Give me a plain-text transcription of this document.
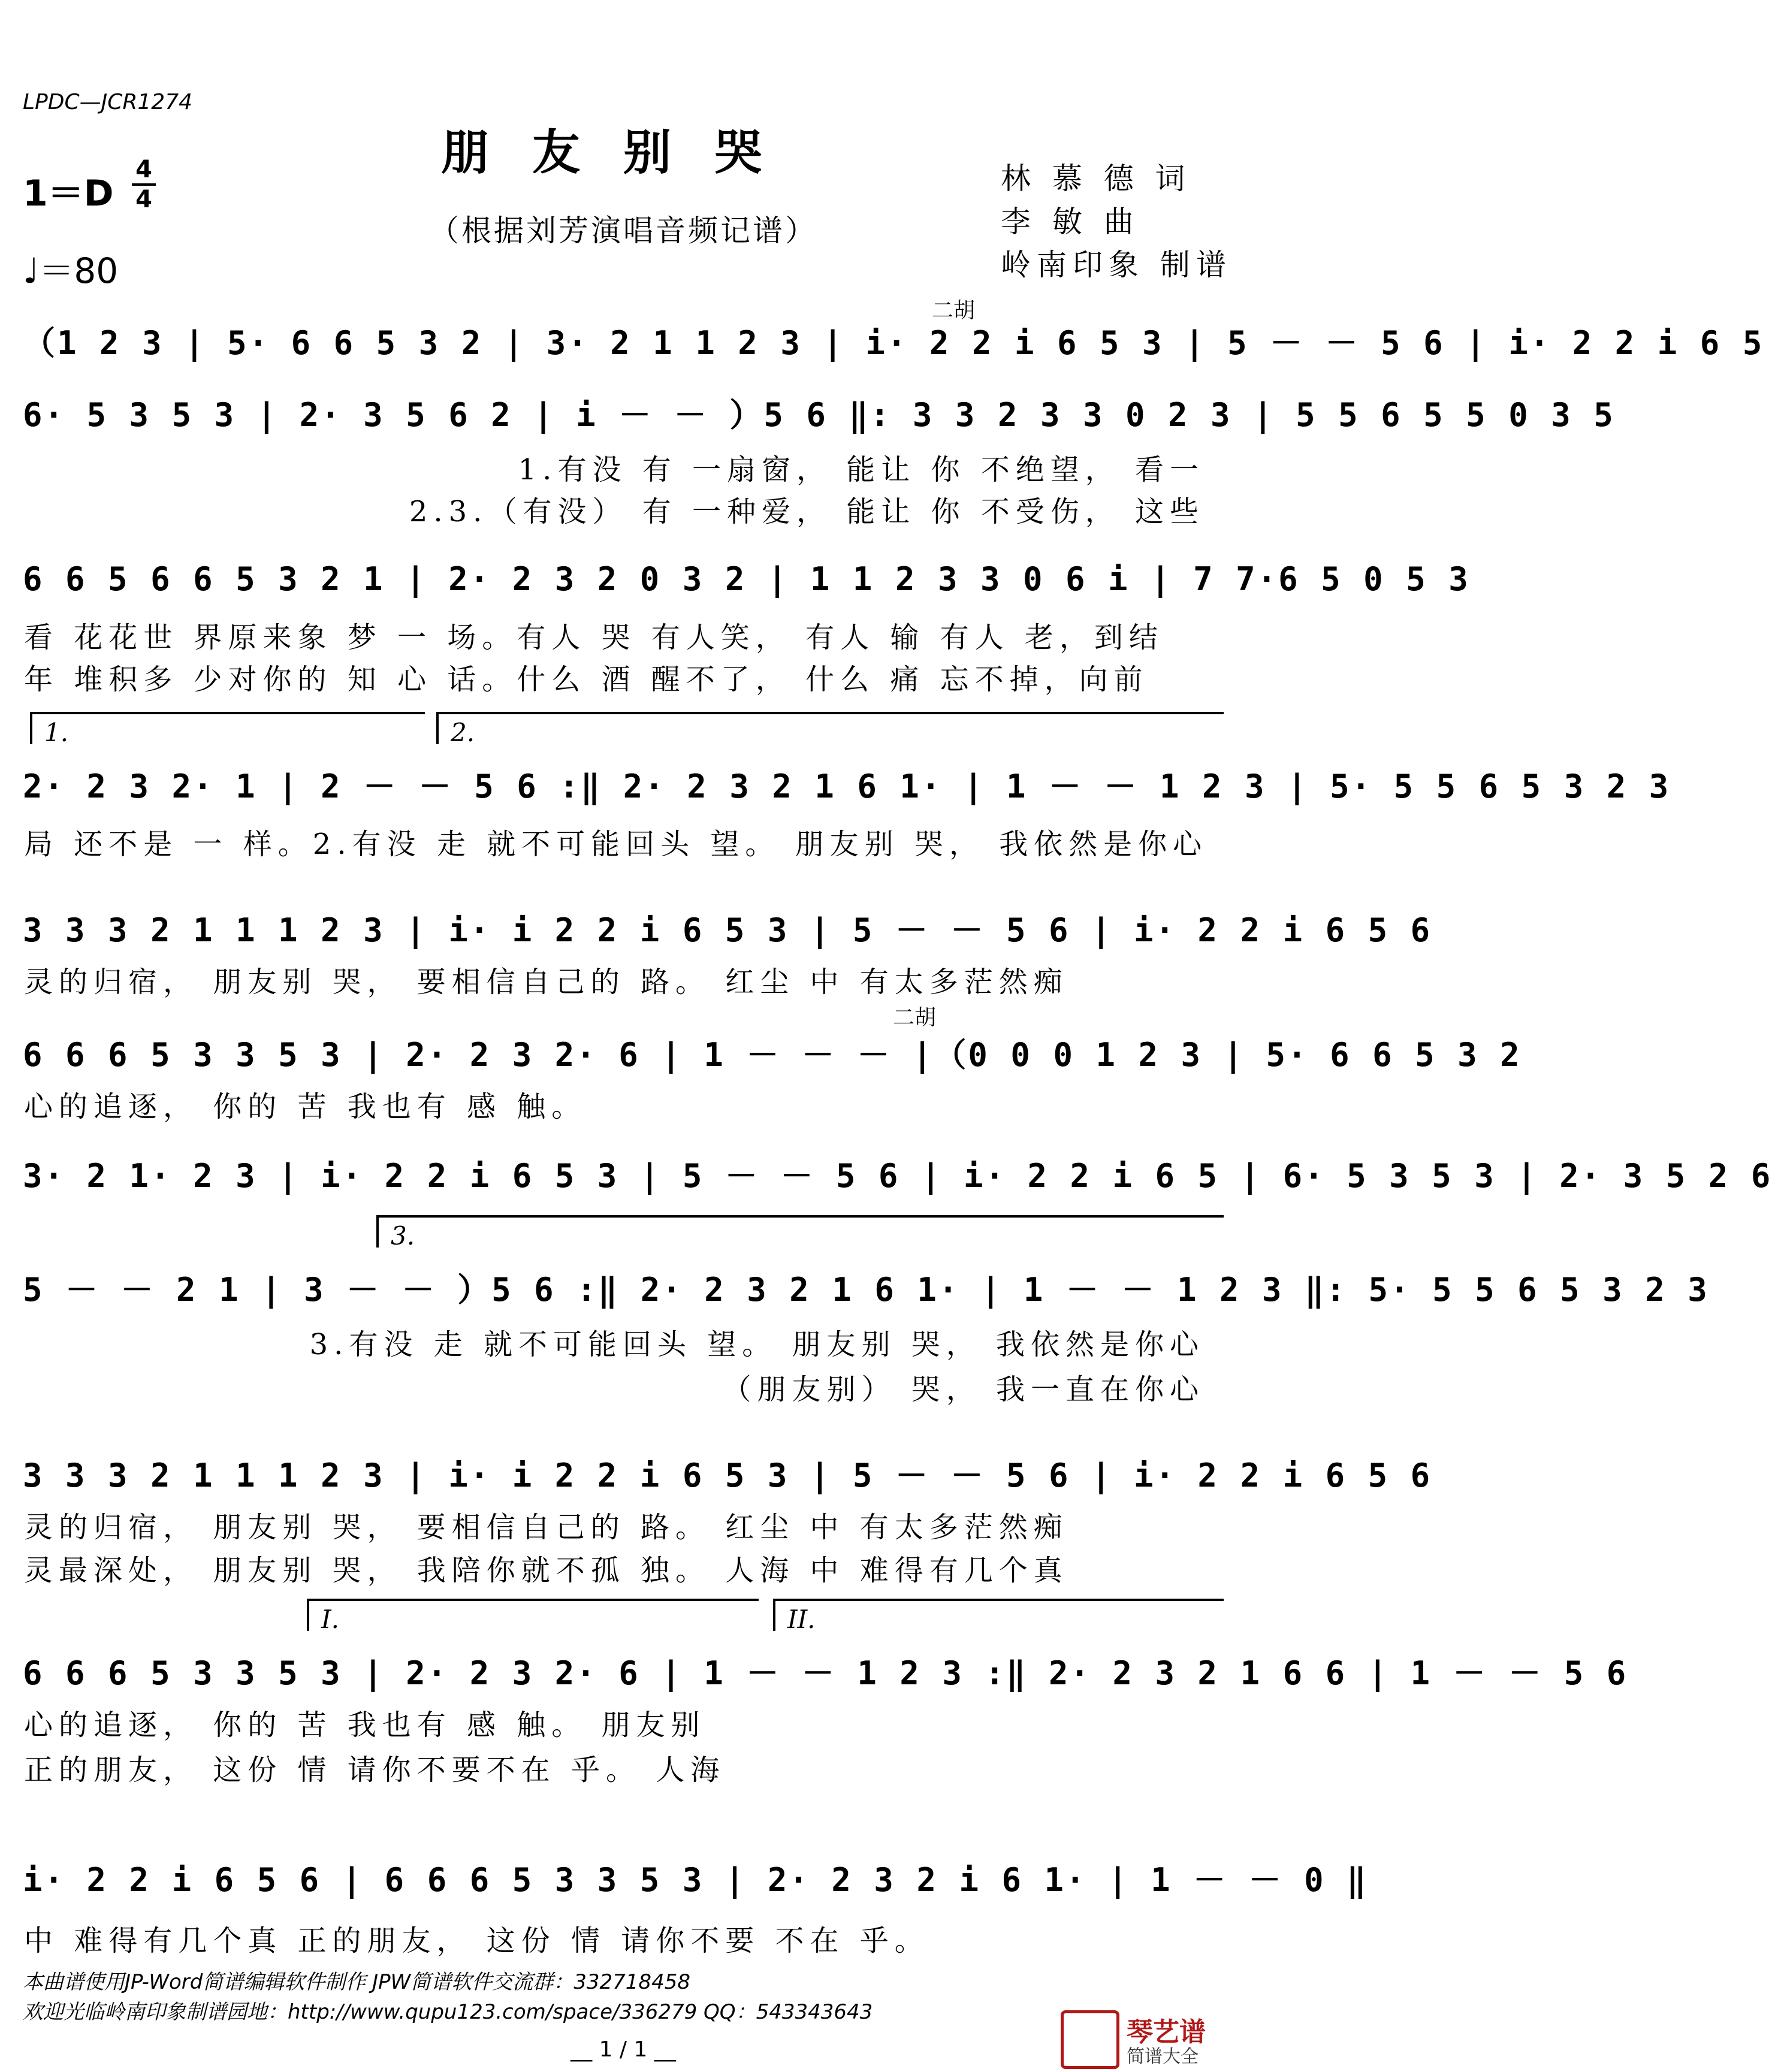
LPDC—JCR1274
朋友别哭
（根据刘芳演唱音频记谱）
1＝D
4
4
♩＝80
林 慕 德 词
李 敏 曲
岭南印象 制谱
二胡
（1 2 3 | 5· 6 6 5 3 2 | 3· 2 1 1 2 3 | i· 2 2 i 6 5 3 | 5 － － 5 6 | i· 2 2 i 6 5
6· 5 3 5 3 | 2· 3 5 6 2 | i － － ）5 6 ‖: 3 3 2 3 3 0 2 3 | 5 5 6 5 5 0 3 5
1.有没 有 一扇窗， 能让 你 不绝望， 看一
2.3.（有没） 有 一种爱， 能让 你 不受伤， 这些
6 6 5 6 6 5 3 2 1 | 2· 2 3 2 0 3 2 | 1 1 2 3 3 0 6 i | 7 7·6 5 0 5 3
看 花花世 界原来象 梦 一 场。有人 哭 有人笑， 有人 输 有人 老，到结
年 堆积多 少对你的 知 心 话。什么 酒 醒不了， 什么 痛 忘不掉，向前
1.	2.
2· 2 3 2· 1 | 2 － － 5 6 :‖ 2· 2 3 2 1 6 1· | 1 － － 1 2 3 | 5· 5 5 6 5 3 2 3
局 还不是 一 样。2.有没 走 就不可能回头 望。 朋友别 哭， 我依然是你心
3 3 3 2 1 1 1 2 3 | i· i 2 2 i 6 5 3 | 5 － － 5 6 | i· 2 2 i 6 5 6
灵的归宿， 朋友别 哭， 要相信自己的 路。 红尘 中 有太多茫然痴
二胡
6 6 6 5 3 3 5 3 | 2· 2 3 2· 6 | 1 － － － |（0 0 0 1 2 3 | 5· 6 6 5 3 2
心的追逐， 你的 苦 我也有 感 触。
3· 2 1· 2 3 | i· 2 2 i 6 5 3 | 5 － － 5 6 | i· 2 2 i 6 5 | 6· 5 3 5 3 | 2· 3 5 2 6
3.
5 － － 2 1 | 3 － － ）5 6 :‖ 2· 2 3 2 1 6 1· | 1 － － 1 2 3 ‖: 5· 5 5 6 5 3 2 3
3.有没 走 就不可能回头 望。 朋友别 哭， 我依然是你心
（朋友别） 哭， 我一直在你心
3 3 3 2 1 1 1 2 3 | i· i 2 2 i 6 5 3 | 5 － － 5 6 | i· 2 2 i 6 5 6
灵的归宿， 朋友别 哭， 要相信自己的 路。 红尘 中 有太多茫然痴
灵最深处， 朋友别 哭， 我陪你就不孤 独。 人海 中 难得有几个真
I.	II.
6 6 6 5 3 3 5 3 | 2· 2 3 2· 6 | 1 － － 1 2 3 :‖ 2· 2 3 2 1 6 6 | 1 － － 5 6
心的追逐， 你的 苦 我也有 感 触。 朋友别
正的朋友， 这份 情 请你不要不在 乎。 人海
i· 2 2 i 6 5 6 | 6 6 6 5 3 3 5 3 | 2· 2 3 2 i 6 1· | 1 － － 0 ‖
中 难得有几个真 正的朋友， 这份 情 请你不要 不在 乎。
本曲谱使用JP-Word简谱编辑软件制作 JPW简谱软件交流群：332718458
欢迎光临岭南印象制谱园地：http://www.qupu123.com/space/336279 QQ：543343643
__ 1 / 1 __
琴艺谱
简谱大全
